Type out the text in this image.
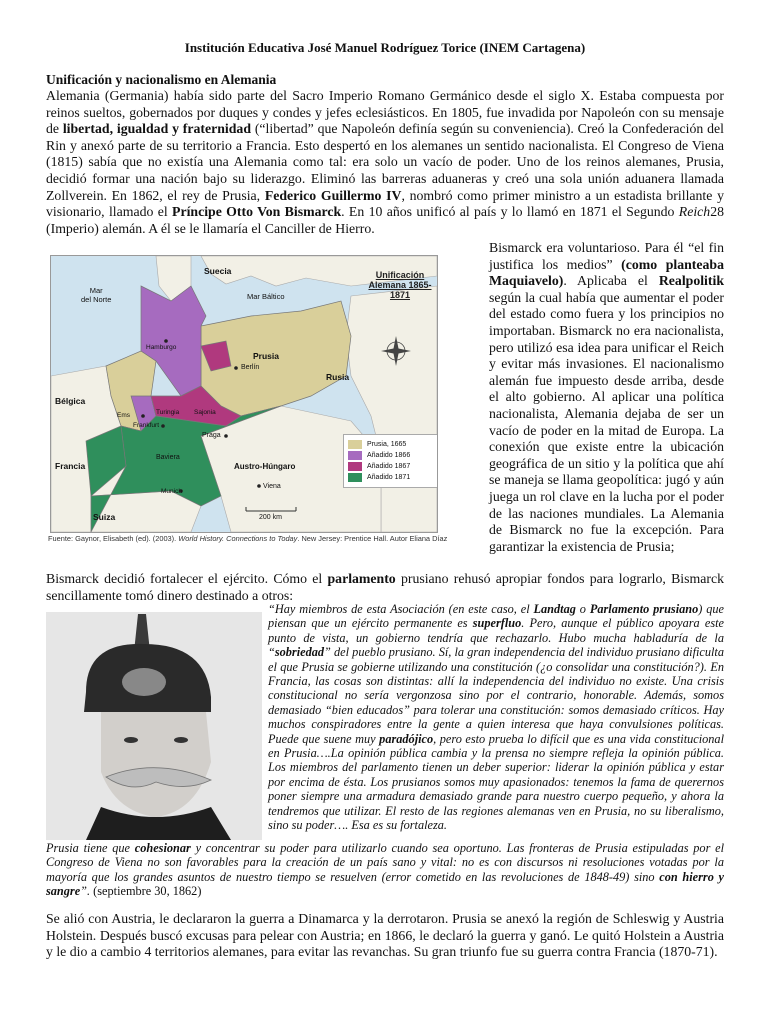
Institución Educativa José Manuel Rodríguez Torice (INEM Cartagena)

Unificación y nacionalismo en Alemania

Alemania (Germania) había sido parte del Sacro Imperio Romano Germánico desde el siglo X. Estaba compuesta por reinos sueltos, gobernados por duques y condes y jefes eclesiásticos. En 1805, fue invadida por Napoleón con su mensaje de libertad, igualdad y fraternidad (“libertad” que Napoleón definía según su conveniencia). Creó la Confederación del Rin y anexó parte de su territorio a Francia. Esto despertó en los alemanes un sentido nacionalista. El Congreso de Viena (1815) sabía que no existía una Alemania como tal: era solo un vacío de poder. Uno de los reinos alemanes, Prusia, decidió formar una nación bajo su liderazgo. Eliminó las barreras aduaneras y creó una sola unión aduanera llamada Zollverein. En 1862, el rey de Prusia, Federico Guillermo IV, nombró como primer ministro a un estadista brillante y visionario, llamado el Príncipe Otto Von Bismarck. En 10 años unificó al país y lo llamó en 1871 el Segundo Reich28 (Imperio) alemán. A él se le llamaría el Canciller de Hierro.

Unificación
Alemana 1865-1871
Suecia
Mar
del Norte	Mar Báltico
Hamburgo
Berlín
Prusia
Rusia
Bélgica
Ems	Turingia Sajonia
Frankfurt
Praga
Baviera
Francia	Austro-Húngaro
Munich
Viena
Suiza	200 km
Prusia, 1665
Añadido 1866
Añadido 1867
Añadido 1871
Fuente: Gaynor, Elisabeth (ed). (2003). World History. Connections to Today. New Jersey: Prentice Hall. Autor Eliana Díaz

Bismarck era voluntarioso. Para él “el fin justifica los medios” (como planteaba Maquiavelo). Aplicaba el Realpolitik según la cual había que aumentar el poder del estado como fuera y los principios no importaban. Bismarck no era nacionalista, pero utilizó esa idea para unificar el Reich y evitar más invasiones. El nacionalismo alemán fue impuesto desde arriba, desde el alto gobierno. Al aplicar una política nacionalista, Alemania dejaba de ser un vacío de poder en la mitad de Europa. La conexión que existe entre la ubicación geográfica de un sitio y la política que ahí se maneja se llama geopolítica: jugó y aún juega un rol clave en la lucha por el poder de las naciones mundiales. La Alemania de Bismarck no fue la excepción. Para garantizar la existencia de Prusia;

Bismarck decidió fortalecer el ejército. Cómo el parlamento prusiano rehusó apropiar fondos para lograrlo, Bismarck sencillamente tomó dinero destinado a otros:

“Hay miembros de esta Asociación (en este caso, el Landtag o Parlamento prusiano) que piensan que un ejército permanente es superfluo. Pero, aunque el público apoyara este punto de vista, un gobierno tendría que rechazarlo. Hubo mucha habladuría de la “sobriedad” del pueblo prusiano. Sí, la gran independencia del individuo prusiano dificulta el que Prusia se gobierne utilizando una constitución (¿o consolidar una constitución?). En Francia, las cosas son distintas: allí la independencia del individuo no existe. Una crisis constitucional no sería vergonzosa sino por el contrario, honorable. Además, somos demasiado “bien educados” para tolerar una constitución: somos demasiado críticos. Hay muchos conspiradores entre la gente a quien interesa que haya convulsiones políticas. Puede que suene muy paradójico, pero esto prueba lo difícil que es una vida constitucional en Prusia….La opinión pública cambia y la prensa no siempre refleja la opinión pública. Los miembros del parlamento tienen un deber superior: liderar la opinión pública y estar por encima de ésta. Los prusianos somos muy apasionados: tenemos la fama de querernos poner siempre una armadura demasiado grande para nuestro cuerpo pequeño, y ahora la tendremos que utilizar. El resto de las regiones alemanas ven en Prusia, no su liberalismo, sino su poder…. Esa es su fortaleza.
Prusia tiene que cohesionar y concentrar su poder para utilizarlo cuando sea oportuno. Las fronteras de Prusia estipuladas por el Congreso de Viena no son favorables para la creación de un país sano y vital: no es con discursos ni resoluciones votadas por la mayoría que los grandes asuntos de nuestro tiempo se resuelven (error cometido en las revoluciones de 1848-49) sino con hierro y sangre”. (septiembre 30, 1862)

Se alió con Austria, le declararon la guerra a Dinamarca y la derrotaron. Prusia se anexó la región de Schleswig y Austria Holstein. Después buscó excusas para pelear con Austria; en 1866, le declaró la guerra y ganó. Le quitó Holstein a Austria y le dio a cambio 4 territorios alemanes, para evitar las revanchas. Su gran triunfo fue su guerra contra Francia (1870-71).
